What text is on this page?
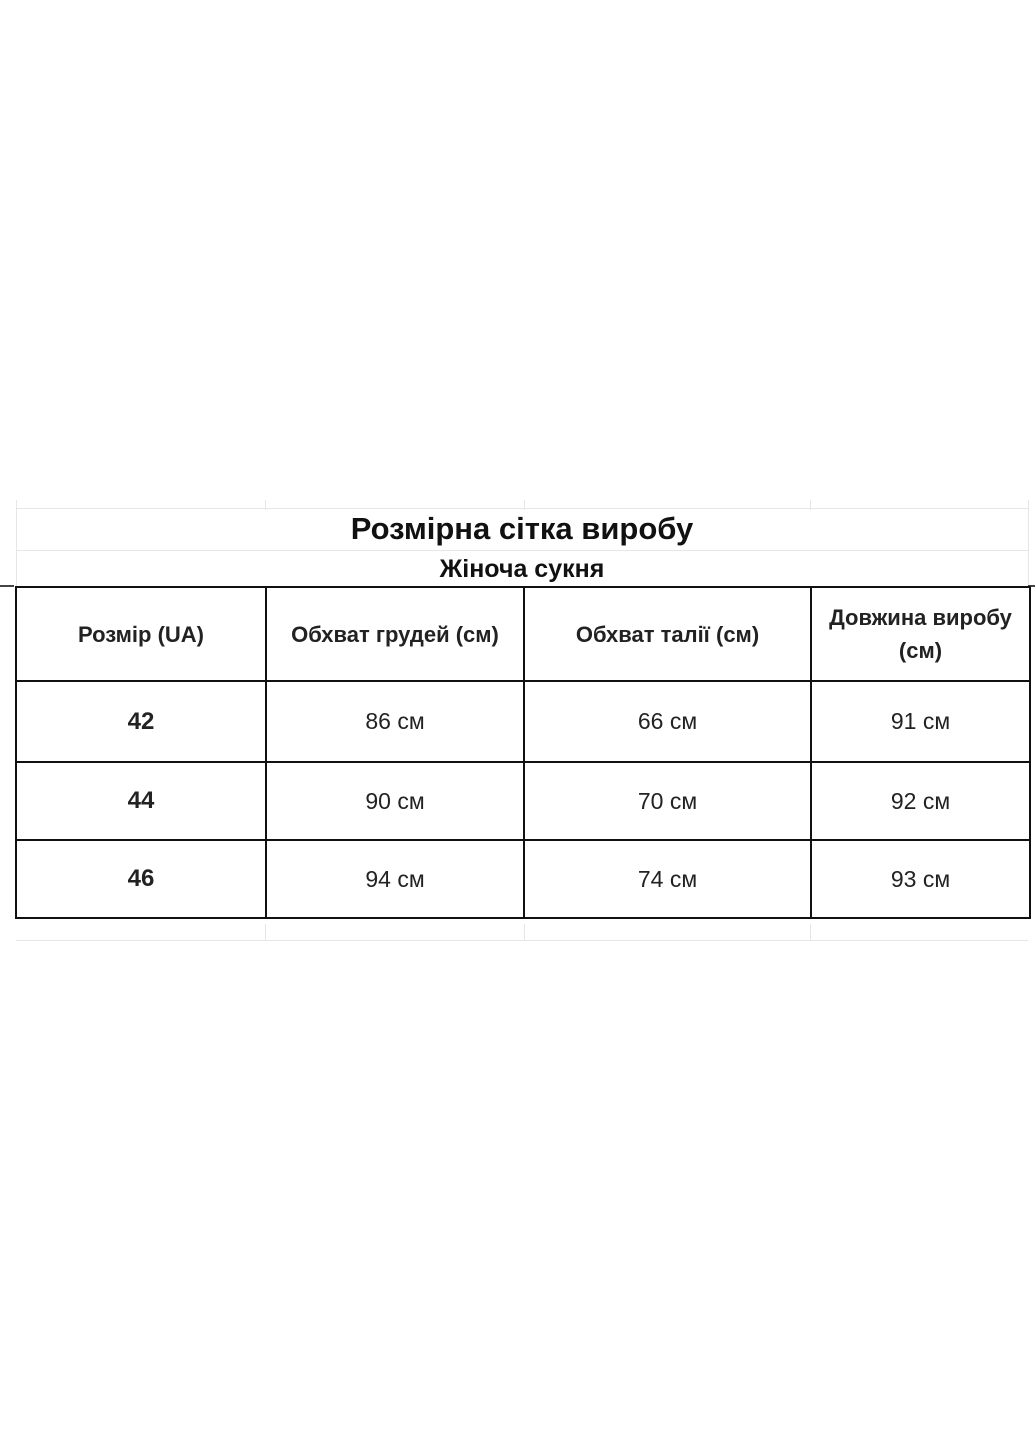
Розмірна сітка виробу
Жіноча сукня
Розмір (UA)	Обхват грудей (см)	Обхват талії (см)	Довжина виробу (см)
42	86 см	66 см	91 см
44	90 см	70 см	92 см
46	94 см	74 см	93 см
